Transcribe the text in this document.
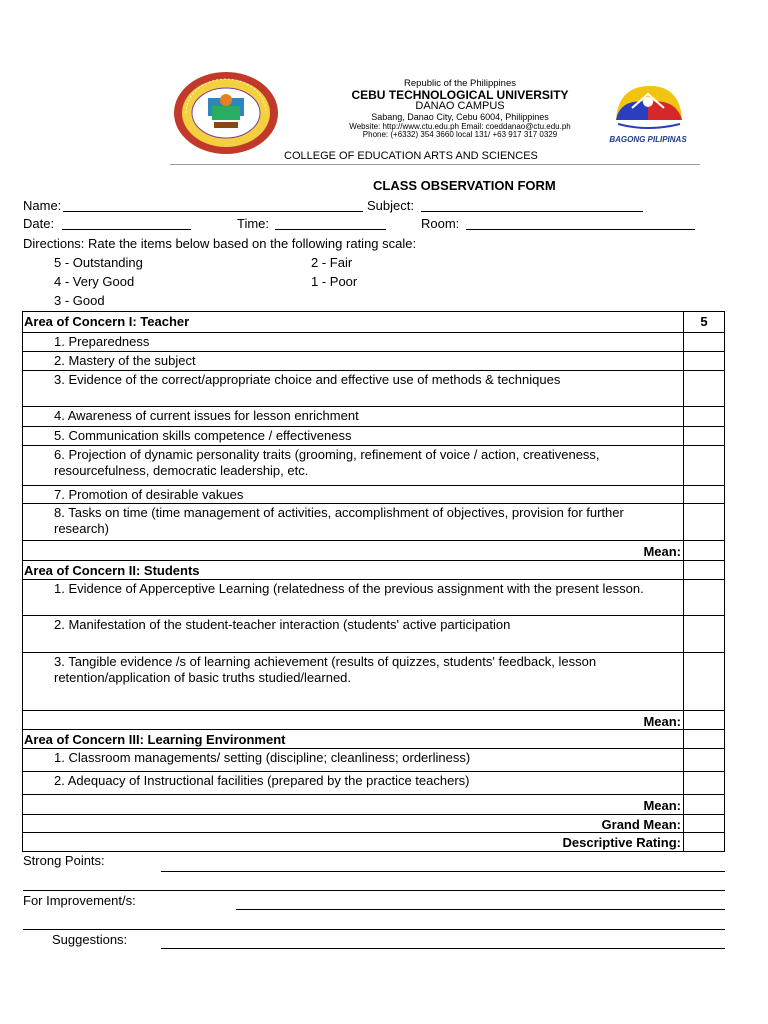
BAGONG PILIPINAS
Republic of the Philippines
CEBU TECHNOLOGICAL UNIVERSITY
DANAO CAMPUS
Sabang, Danao City, Cebu 6004, Philippines
Website: http://www.ctu.edu.ph Email: coeddanao@ctu.edu.ph
Phone: (+6332) 354 3660 local 131/ +63 917 317 0329
COLLEGE OF EDUCATION ARTS AND SCIENCES
CLASS OBSERVATION FORM
Name:	Subject:
Date:	Time:	Room:
Directions: Rate the items below based on the following rating scale:
5 - Outstanding	2 - Fair
4 - Very Good	1 - Poor
3 - Good
Area of Concern I: Teacher	5
1. Preparedness
2. Mastery of the subject
3. Evidence of the correct/appropriate choice and effective use of methods & techniques
4. Awareness of current issues for lesson enrichment
5. Communication skills competence / effectiveness
6. Projection of dynamic personality traits (grooming, refinement of voice / action, creativeness, resourcefulness, democratic leadership, etc.
7. Promotion of desirable vakues
8. Tasks on time (time management of activities, accomplishment of objectives, provision for further research)
Mean:
Area of Concern II: Students
1. Evidence of Apperceptive Learning (relatedness of the previous assignment with the present lesson.
2. Manifestation of the student-teacher interaction (students' active participation
3. Tangible evidence /s of learning achievement (results of quizzes, students' feedback, lesson retention/application of basic truths studied/learned.
Mean:
Area of Concern III: Learning Environment
1. Classroom managements/ setting (discipline; cleanliness; orderliness)
2. Adequacy of Instructional facilities (prepared by the practice teachers)
Mean:
Grand Mean:
Descriptive Rating:
Strong Points:
For Improvement/s:
Suggestions:
